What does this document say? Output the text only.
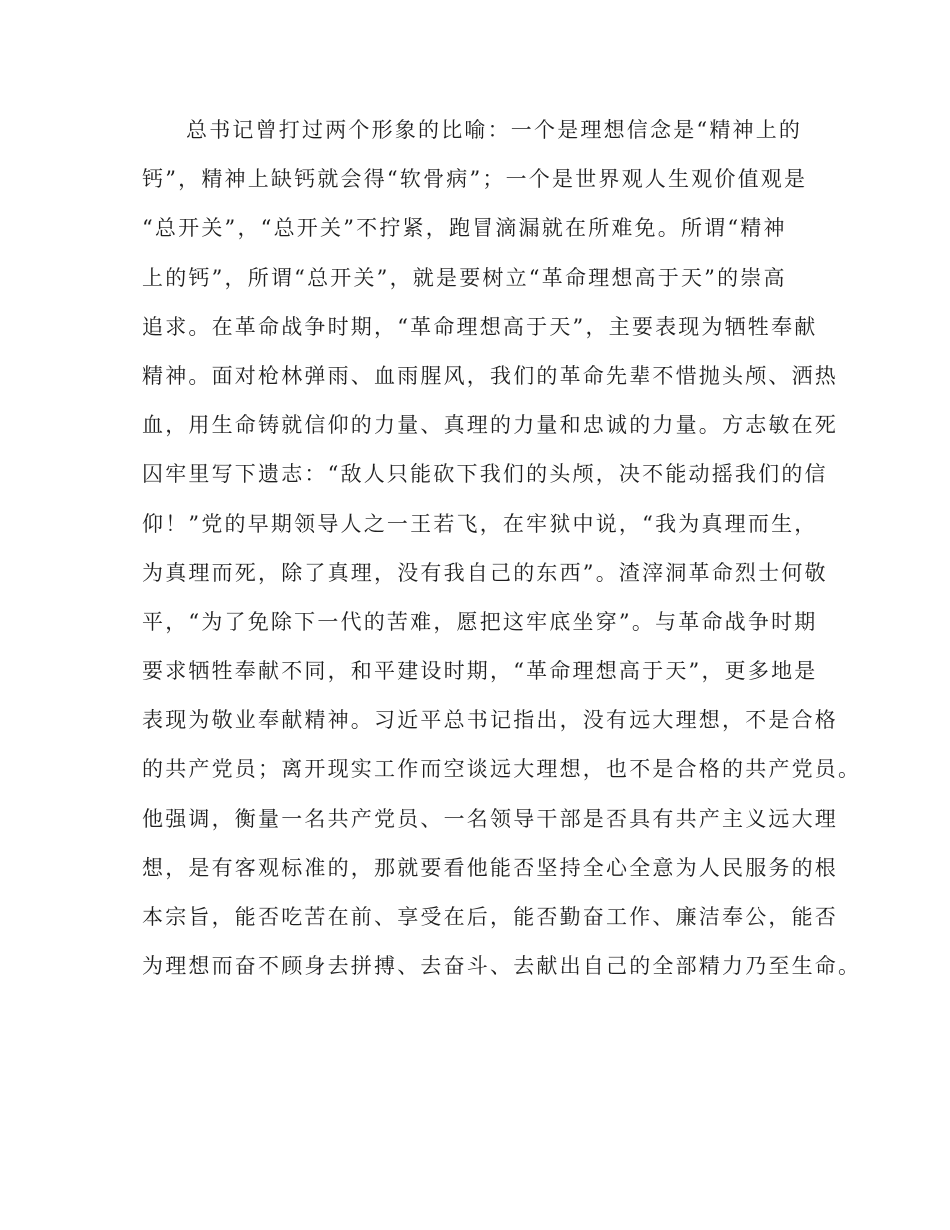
总书记曾打过两个形象的比喻：一个是理想信念是“精神上的
钙”，精神上缺钙就会得“软骨病”；一个是世界观人生观价值观是
“总开关”，“总开关”不拧紧，跑冒滴漏就在所难免。所谓“精神
上的钙”，所谓“总开关”，就是要树立“革命理想高于天”的崇高
追求。在革命战争时期，“革命理想高于天”，主要表现为牺牲奉献
精神。面对枪林弹雨、血雨腥风，我们的革命先辈不惜抛头颅、洒热
血，用生命铸就信仰的力量、真理的力量和忠诚的力量。方志敏在死
囚牢里写下遗志：“敌人只能砍下我们的头颅，决不能动摇我们的信
仰！”党的早期领导人之一王若飞，在牢狱中说，“我为真理而生，
为真理而死，除了真理，没有我自己的东西”。渣滓洞革命烈士何敬
平，“为了免除下一代的苦难，愿把这牢底坐穿”。与革命战争时期
要求牺牲奉献不同，和平建设时期，“革命理想高于天”，更多地是
表现为敬业奉献精神。习近平总书记指出，没有远大理想，不是合格
的共产党员；离开现实工作而空谈远大理想，也不是合格的共产党员。
他强调，衡量一名共产党员、一名领导干部是否具有共产主义远大理
想，是有客观标准的，那就要看他能否坚持全心全意为人民服务的根
本宗旨，能否吃苦在前、享受在后，能否勤奋工作、廉洁奉公，能否
为理想而奋不顾身去拼搏、去奋斗、去献出自己的全部精力乃至生命。
